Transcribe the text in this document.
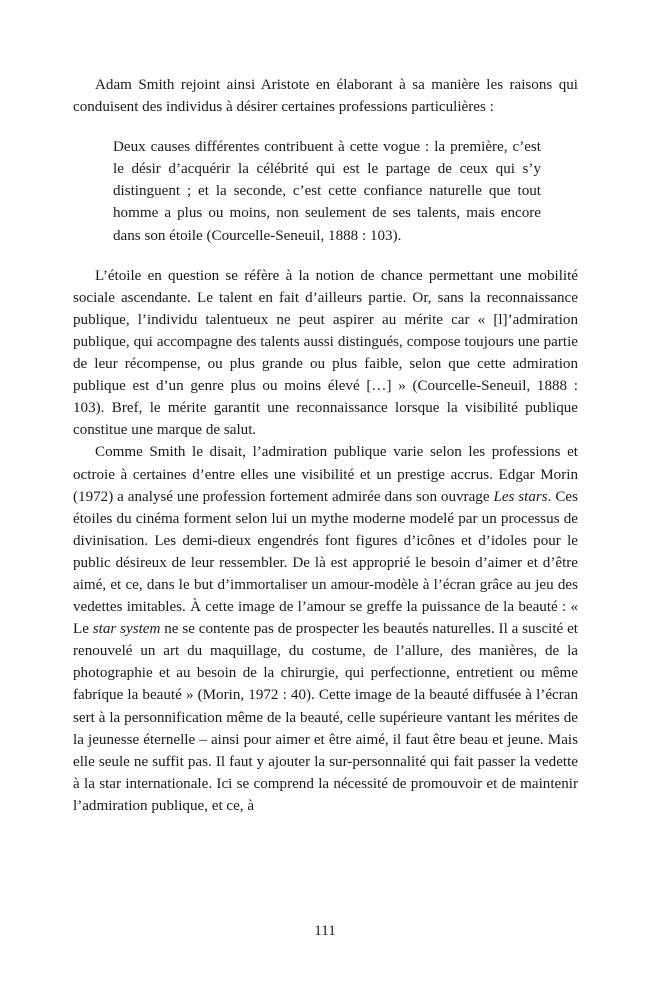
Adam Smith rejoint ainsi Aristote en élaborant à sa manière les raisons qui conduisent des individus à désirer certaines professions particulières :

Deux causes différentes contribuent à cette vogue : la première, c’est le désir d’acquérir la célébrité qui est le partage de ceux qui s’y distinguent ; et la seconde, c’est cette confiance naturelle que tout homme a plus ou moins, non seulement de ses talents, mais encore dans son étoile (Courcelle-Seneuil, 1888 : 103).

L’étoile en question se réfère à la notion de chance permettant une mobilité sociale ascendante. Le talent en fait d’ailleurs partie. Or, sans la reconnaissance publique, l’individu talentueux ne peut aspirer au mérite car « [l]’admiration publique, qui accompagne des talents aussi distingués, compose toujours une partie de leur récompense, ou plus grande ou plus faible, selon que cette admiration publique est d’un genre plus ou moins élevé […] » (Courcelle-Seneuil, 1888 : 103). Bref, le mérite garantit une reconnaissance lorsque la visibilité publique constitue une marque de salut.

Comme Smith le disait, l’admiration publique varie selon les professions et octroie à certaines d’entre elles une visibilité et un prestige accrus. Edgar Morin (1972) a analysé une profession fortement admirée dans son ouvrage Les stars. Ces étoiles du cinéma forment selon lui un mythe moderne modelé par un processus de divinisation. Les demi-dieux engendrés font figures d’icônes et d’idoles pour le public désireux de leur ressembler. De là est approprié le besoin d’aimer et d’être aimé, et ce, dans le but d’immortaliser un amour-modèle à l’écran grâce au jeu des vedettes imitables. À cette image de l’amour se greffe la puissance de la beauté : « Le star system ne se contente pas de prospecter les beautés naturelles. Il a suscité et renouvelé un art du maquillage, du costume, de l’allure, des manières, de la photographie et au besoin de la chirurgie, qui perfectionne, entretient ou même fabrique la beauté » (Morin, 1972 : 40). Cette image de la beauté diffusée à l’écran sert à la personnification même de la beauté, celle supérieure vantant les mérites de la jeunesse éternelle – ainsi pour aimer et être aimé, il faut être beau et jeune. Mais elle seule ne suffit pas. Il faut y ajouter la sur-personnalité qui fait passer la vedette à la star internationale. Ici se comprend la nécessité de promouvoir et de maintenir l’admiration publique, et ce, à

111
